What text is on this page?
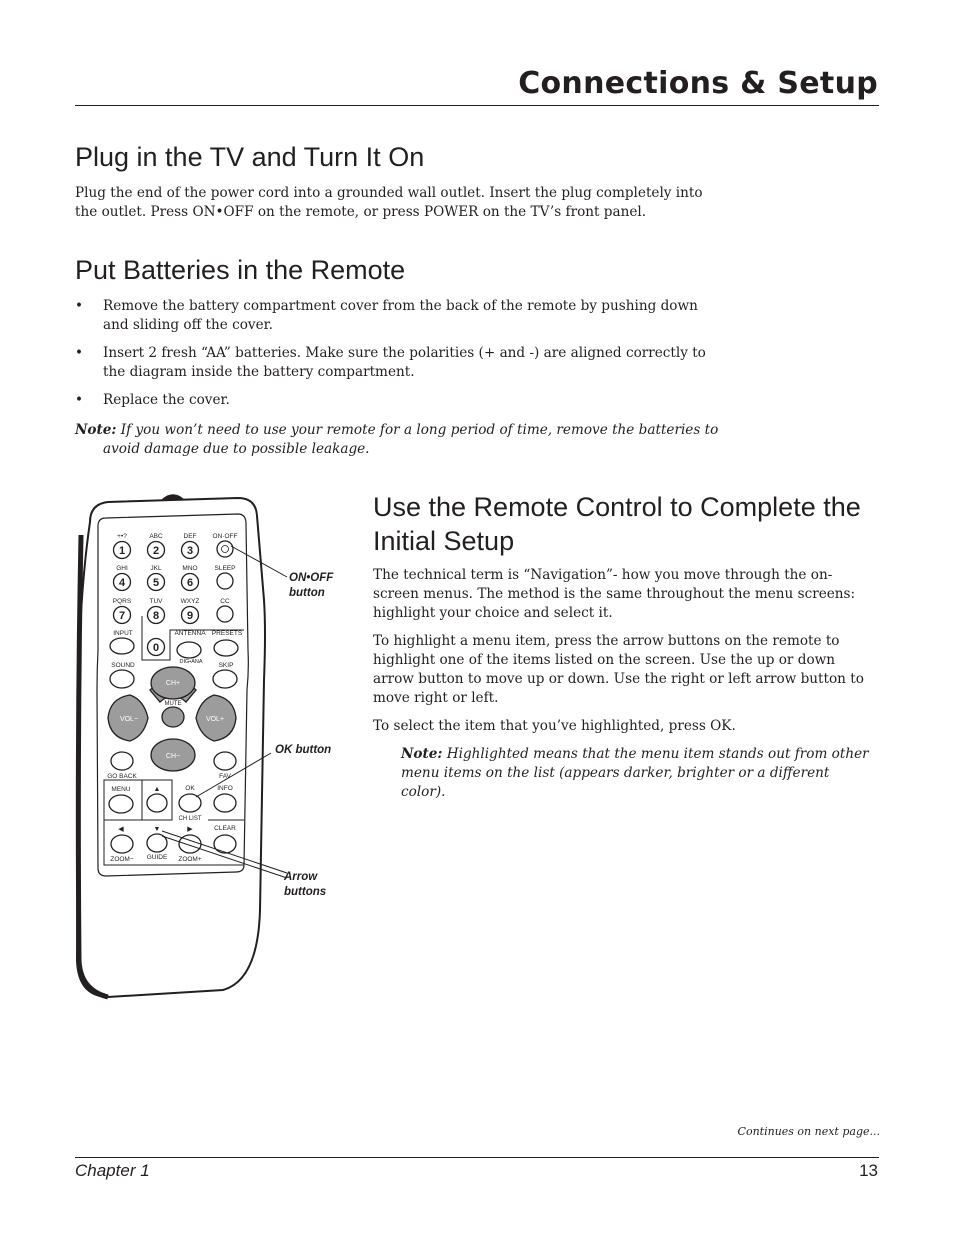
Connections & Setup
Plug in the TV and Turn It On

Plug the end of the power cord into a grounded wall outlet. Insert the plug completely into the outlet. Press ON•OFF on the remote, or press POWER on the TV’s front panel.

Put Batteries in the Remote
• Remove the battery compartment cover from the back of the remote by pushing down and sliding off the cover.
• Insert 2 fresh “AA” batteries. Make sure the polarities (+ and -) are aligned correctly to the diagram inside the battery compartment.
• Replace the cover.

Note: If you won’t need to use your remote for a long period of time, remove the batteries to avoid damage due to possible leakage.

Use the Remote Control to Complete the Initial Setup

The technical term is “Navigation”- how you move through the on-screen menus. The method is the same throughout the menu screens: highlight your choice and select it.

To highlight a menu item, press the arrow buttons on the remote to highlight one of the items listed on the screen. Use the up or down arrow button to move up or down. Use the right or left arrow button to move right or left.

To select the item that you’ve highlighted, press OK.

Note: Highlighted means that the menu item stands out from other menu items on the list (appears darker, brighter or a different color).

+•?
1
ABC
2
DEF
3
GHI
4
JKL
5
MNO
6
PQRS
7
TUV
8
WXYZ
9
0
ON·OFF
SLEEP
CC
INPUT	ANTENNA PRESETS
SOUND	DIG•ANA SKIP
CH+
VOL−	VOL+
MUTE
CH−
GO BACK	FAV
MENU	▲	OK
CH LIST
INFO
◀
ZOOM−
▼
GUIDE
▶
ZOOM+
CLEAR
ON•OFF
button
OK button
Arrow
buttons
Continues on next page...
Chapter 1	13
